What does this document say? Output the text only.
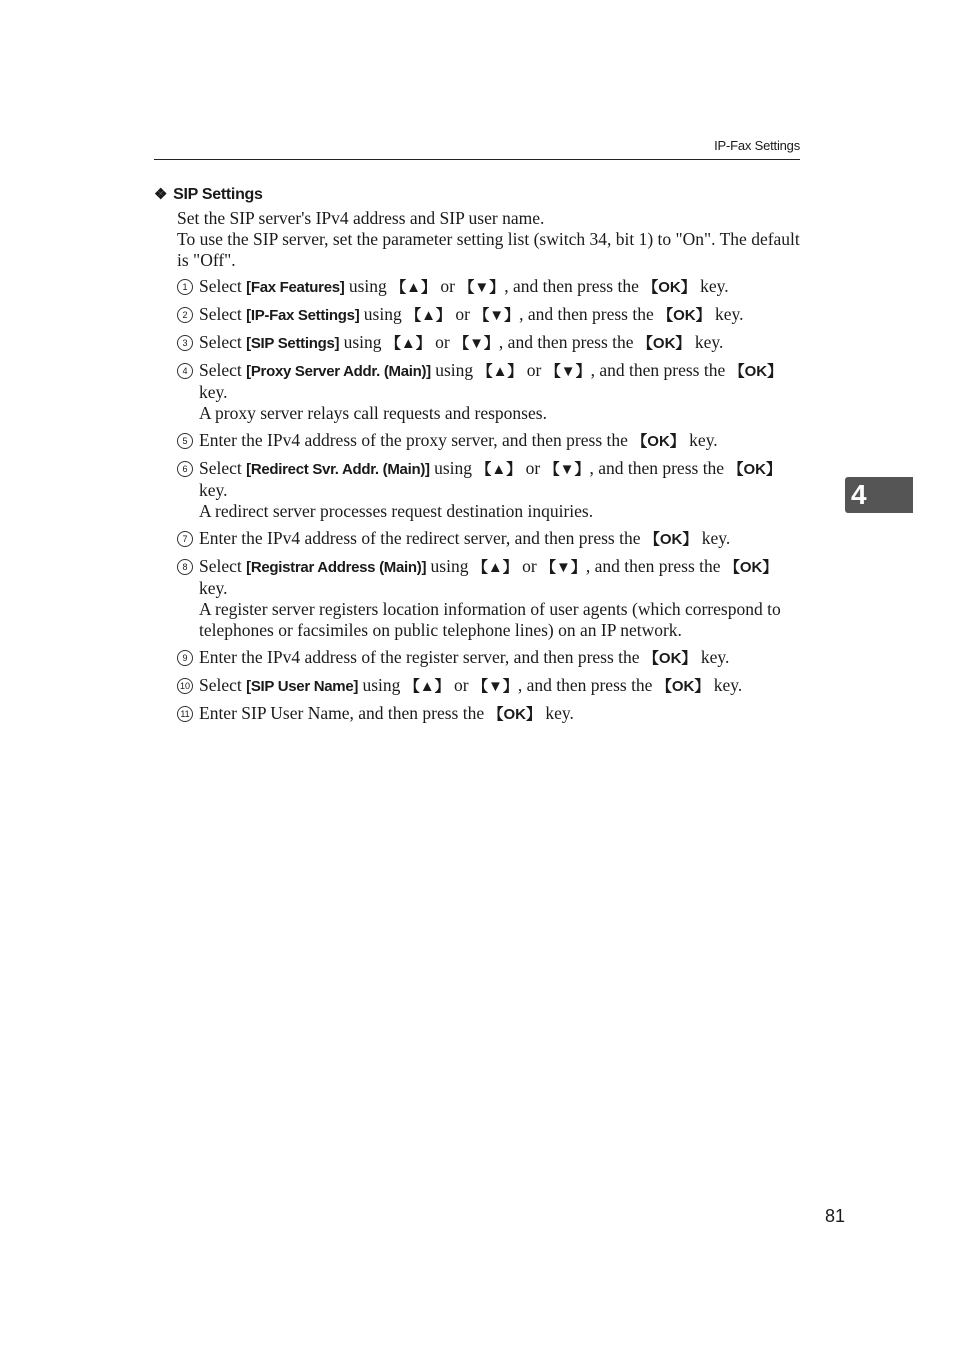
IP-Fax Settings
❖ SIP Settings

Set the SIP server's IPv4 address and SIP user name.

To use the SIP server, set the parameter setting list (switch 34, bit 1) to "On". The default is "Off".

1 Select [Fax Features] using 【▲】 or 【▼】, and then press the 【OK】 key.
2 Select [IP-Fax Settings] using 【▲】 or 【▼】, and then press the 【OK】 key.
3 Select [SIP Settings] using 【▲】 or 【▼】, and then press the 【OK】 key.
4 Select [Proxy Server Addr. (Main)] using 【▲】 or 【▼】, and then press the 【OK】 key.
A proxy server relays call requests and responses.
5 Enter the IPv4 address of the proxy server, and then press the 【OK】 key.
6 Select [Redirect Svr. Addr. (Main)] using 【▲】 or 【▼】, and then press the 【OK】 key.
A redirect server processes request destination inquiries.
7 Enter the IPv4 address of the redirect server, and then press the 【OK】 key.
8 Select [Registrar Address (Main)] using 【▲】 or 【▼】, and then press the 【OK】 key.
A register server registers location information of user agents (which correspond to telephones or facsimiles on public telephone lines) on an IP network.
9 Enter the IPv4 address of the register server, and then press the 【OK】 key.
10 Select [SIP User Name] using 【▲】 or 【▼】, and then press the 【OK】 key.
11 Enter SIP User Name, and then press the 【OK】 key.
4
81
